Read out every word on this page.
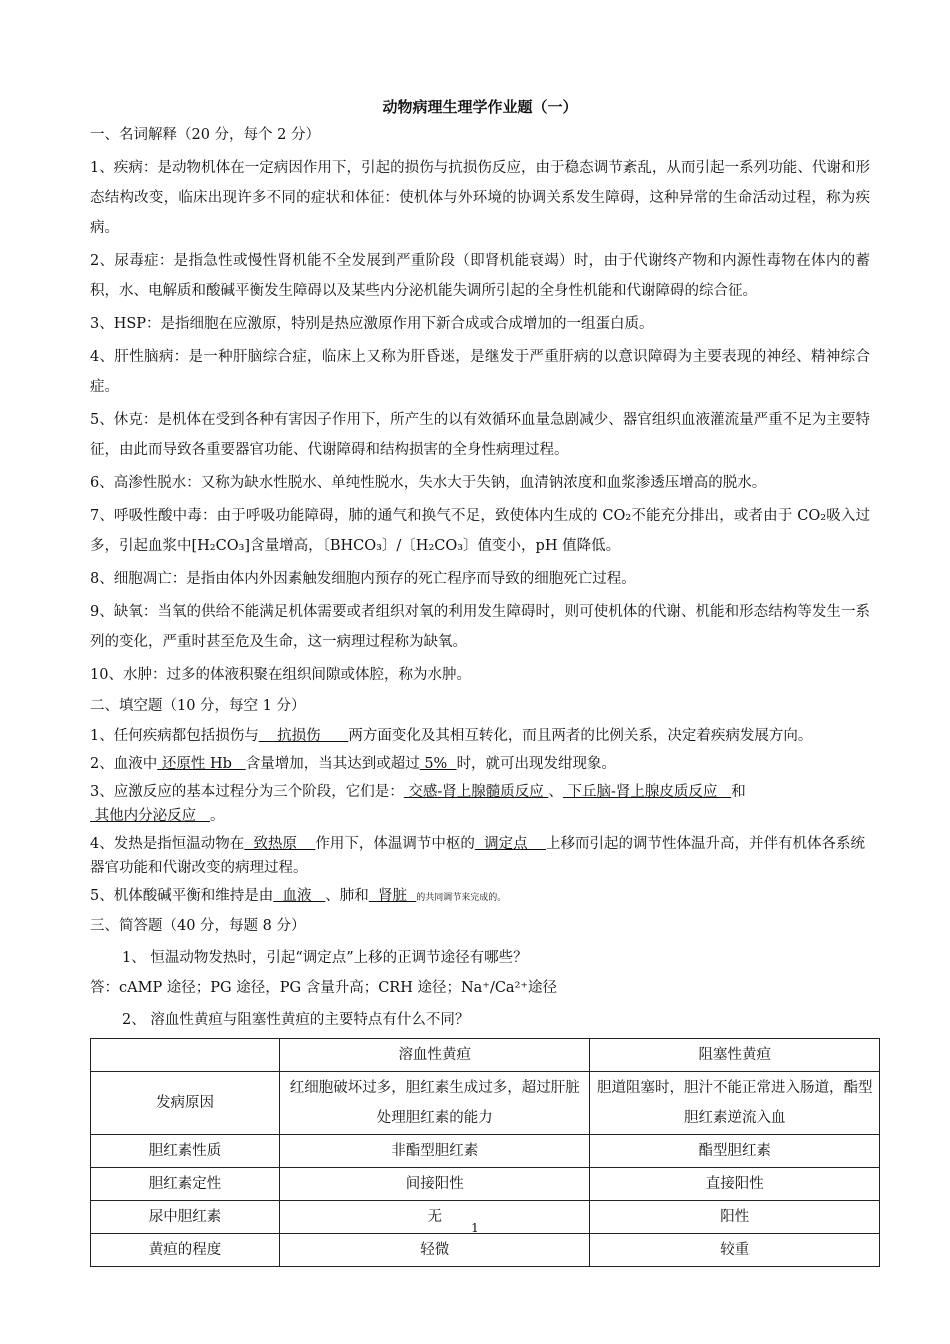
动物病理生理学作业题（一）
一、名词解释（20 分，每个 2 分）

1、疾病：是动物机体在一定病因作用下，引起的损伤与抗损伤反应，由于稳态调节紊乱，从而引起一系列功能、代谢和形态结构改变，临床出现许多不同的症状和体征：使机体与外环境的协调关系发生障碍，这种异常的生命活动过程，称为疾病。

2、尿毒症：是指急性或慢性肾机能不全发展到严重阶段（即肾机能衰竭）时，由于代谢终产物和内源性毒物在体内的蓄积，水、电解质和酸碱平衡发生障碍以及某些内分泌机能失调所引起的全身性机能和代谢障碍的综合征。

3、HSP：是指细胞在应激原，特别是热应激原作用下新合成或合成增加的一组蛋白质。

4、肝性脑病：是一种肝脑综合症，临床上又称为肝昏迷，是继发于严重肝病的以意识障碍为主要表现的神经、精神综合症。

5、休克：是机体在受到各种有害因子作用下，所产生的以有效循环血量急剧减少、器官组织血液灌流量严重不足为主要特征，由此而导致各重要器官功能、代谢障碍和结构损害的全身性病理过程。

6、高渗性脱水：又称为缺水性脱水、单纯性脱水，失水大于失钠，血清钠浓度和血浆渗透压增高的脱水。

7、呼吸性酸中毒：由于呼吸功能障碍，肺的通气和换气不足，致使体内生成的 CO₂不能充分排出，或者由于 CO₂吸入过多，引起血浆中[H₂CO₃]含量增高，〔BHCO₃〕/〔H₂CO₃〕值变小，pH 值降低。

8、细胞凋亡：是指由体内外因素触发细胞内预存的死亡程序而导致的细胞死亡过程。

9、缺氧：当氧的供给不能满足机体需要或者组织对氧的利用发生障碍时，则可使机体的代谢、机能和形态结构等发生一系列的变化，严重时甚至危及生命，这一病理过程称为缺氧。

10、水肿：过多的体液积聚在组织间隙或体腔，称为水肿。

二、填空题（10 分，每空 1 分）

1、任何疾病都包括损伤与    抗损伤      两方面变化及其相互转化，而且两者的比例关系，决定着疾病发展方向。

2、血液中 还原性 Hb   含量增加，当其达到或超过 5%  时，就可出现发绀现象。

3、应激反应的基本过程分为三个阶段，它们是： 交感-肾上腺髓质反应 、 下丘脑-肾上腺皮质反应   和 其他内分泌反应   。

4、发热是指恒温动物在  致热原    作用下，体温调节中枢的  调定点    上移而引起的调节性体温升高，并伴有机体各系统器官功能和代谢改变的病理过程。

5、机体酸碱平衡和维持是由  血液   、肺和  肾脏  的共同调节来完成的。

三、简答题（40 分，每题 8 分）

1、 恒温动物发热时，引起“调定点”上移的正调节途径有哪些？

答：cAMP 途径；PG 途径，PG 含量升高；CRH 途径；Na⁺/Ca²⁺途径

2、 溶血性黄疸与阻塞性黄疸的主要特点有什么不同？

	溶血性黄疸	阻塞性黄疸
发病原因	红细胞破坏过多，胆红素生成过多，超过肝脏处理胆红素的能力	胆道阻塞时，胆汁不能正常进入肠道，酯型胆红素逆流入血
胆红素性质	非酯型胆红素	酯型胆红素
胆红素定性	间接阳性	直接阳性
尿中胆红素	无	阳性
黄疸的程度	轻微	较重
1
